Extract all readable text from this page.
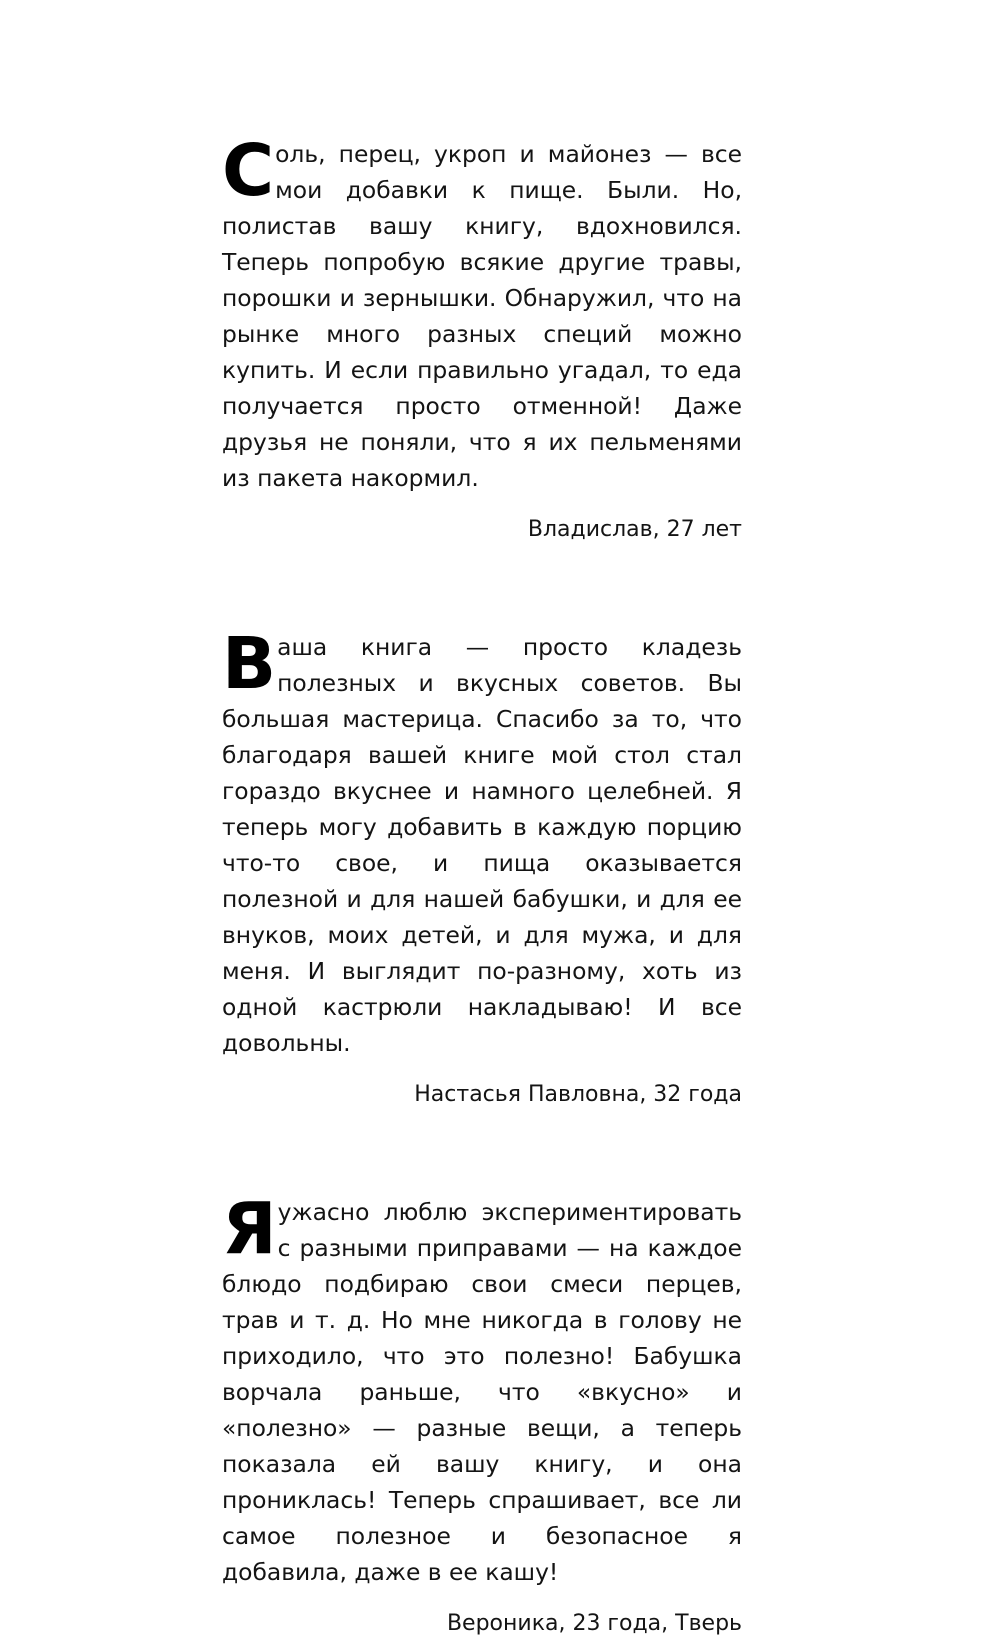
Соль, перец, укроп и майонез — все мои добавки к пище. Были. Но, полистав вашу книгу, вдохновился. Теперь попробую всякие другие травы, порошки и зернышки. Обнаружил, что на рынке много разных специй можно купить. И если правильно угадал, то еда получается просто отменной! Даже друзья не поняли, что я их пельменями из пакета накормил.

Владислав, 27 лет

Ваша книга — просто кладезь полезных и вкусных советов. Вы большая мастерица. Спасибо за то, что благодаря вашей книге мой стол стал гораздо вкуснее и намного целебней. Я теперь могу добавить в каждую порцию что-то свое, и пища оказывается полезной и для нашей бабушки, и для ее внуков, моих детей, и для мужа, и для меня. И выглядит по-разному, хоть из одной кастрюли накладываю! И все довольны.

Настасья Павловна, 32 года

Яужасно люблю экспериментировать с разными приправами — на каждое блюдо подбираю свои смеси перцев, трав и т. д. Но мне никогда в голову не приходило, что это полезно! Бабушка ворчала раньше, что «вкусно» и «полезно» — разные вещи, а теперь показала ей вашу книгу, и она прониклась! Теперь спрашивает, все ли самое полезное и безопасное я добавила, даже в ее кашу!

Вероника, 23 года, Тверь
